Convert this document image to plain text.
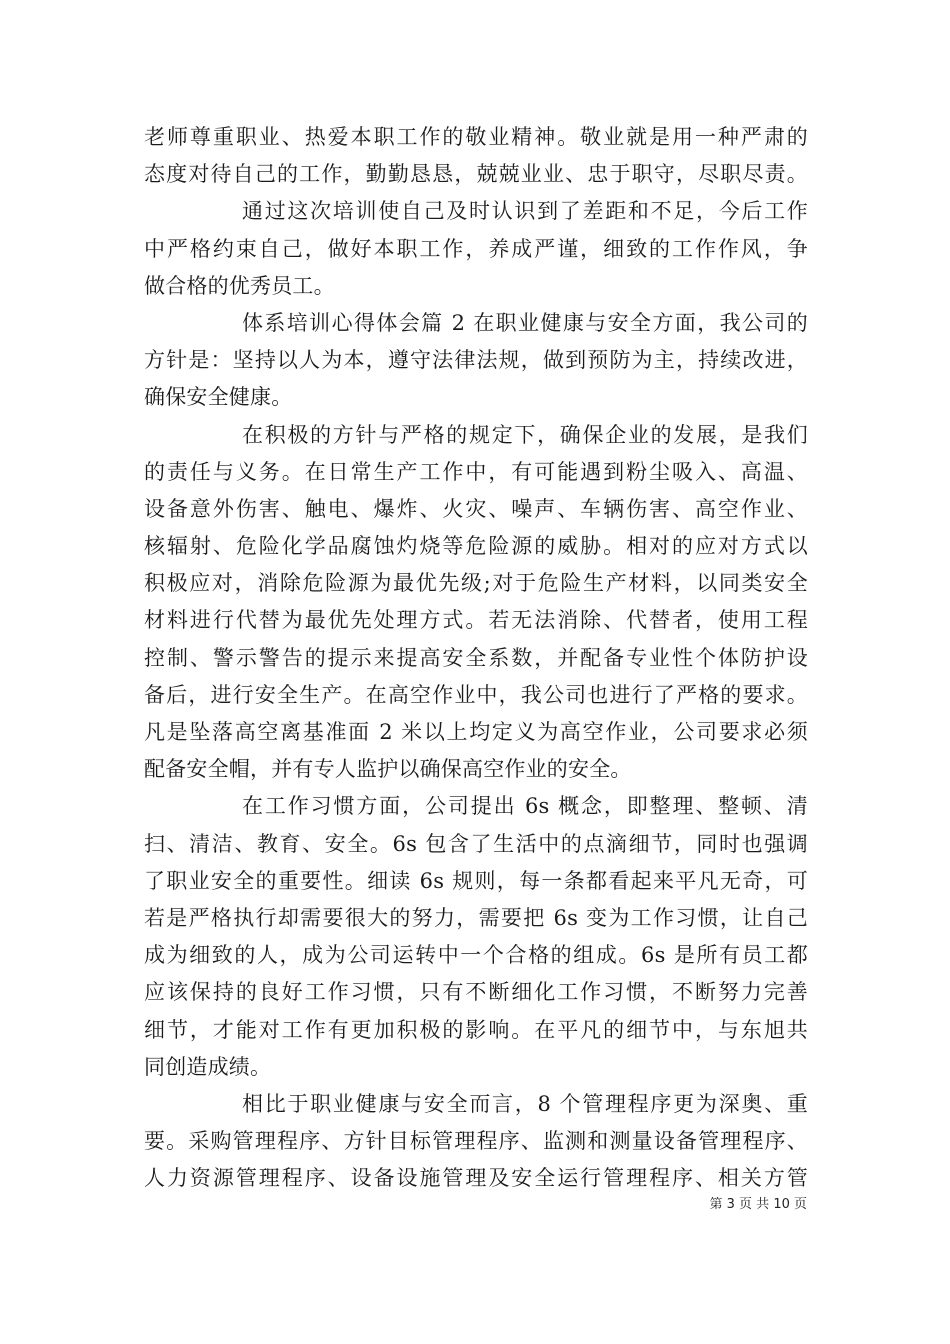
老师尊重职业、热爱本职工作的敬业精神。敬业就是用一种严肃的
态度对待自己的工作，勤勤恳恳，兢兢业业、忠于职守，尽职尽责。
通过这次培训使自己及时认识到了差距和不足，今后工作
中严格约束自己，做好本职工作，养成严谨，细致的工作作风，争
做合格的优秀员工。
体系培训心得体会篇 2 在职业健康与安全方面，我公司的
方针是：坚持以人为本，遵守法律法规，做到预防为主，持续改进，
确保安全健康。
在积极的方针与严格的规定下，确保企业的发展，是我们
的责任与义务。在日常生产工作中，有可能遇到粉尘吸入、高温、
设备意外伤害、触电、爆炸、火灾、噪声、车辆伤害、高空作业、
核辐射、危险化学品腐蚀灼烧等危险源的威胁。相对的应对方式以
积极应对，消除危险源为最优先级;对于危险生产材料，以同类安全
材料进行代替为最优先处理方式。若无法消除、代替者，使用工程
控制、警示警告的提示来提高安全系数，并配备专业性个体防护设
备后，进行安全生产。在高空作业中，我公司也进行了严格的要求。
凡是坠落高空离基准面 2 米以上均定义为高空作业，公司要求必须
配备安全帽，并有专人监护以确保高空作业的安全。
在工作习惯方面，公司提出 6s 概念，即整理、整顿、清
扫、清洁、教育、安全。6s 包含了生活中的点滴细节，同时也强调
了职业安全的重要性。细读 6s 规则，每一条都看起来平凡无奇，可
若是严格执行却需要很大的努力，需要把 6s 变为工作习惯，让自己
成为细致的人，成为公司运转中一个合格的组成。6s 是所有员工都
应该保持的良好工作习惯，只有不断细化工作习惯，不断努力完善
细节，才能对工作有更加积极的影响。在平凡的细节中，与东旭共
同创造成绩。
相比于职业健康与安全而言，8 个管理程序更为深奥、重
要。采购管理程序、方针目标管理程序、监测和测量设备管理程序、
人力资源管理程序、设备设施管理及安全运行管理程序、相关方管
第 3 页 共 10 页
